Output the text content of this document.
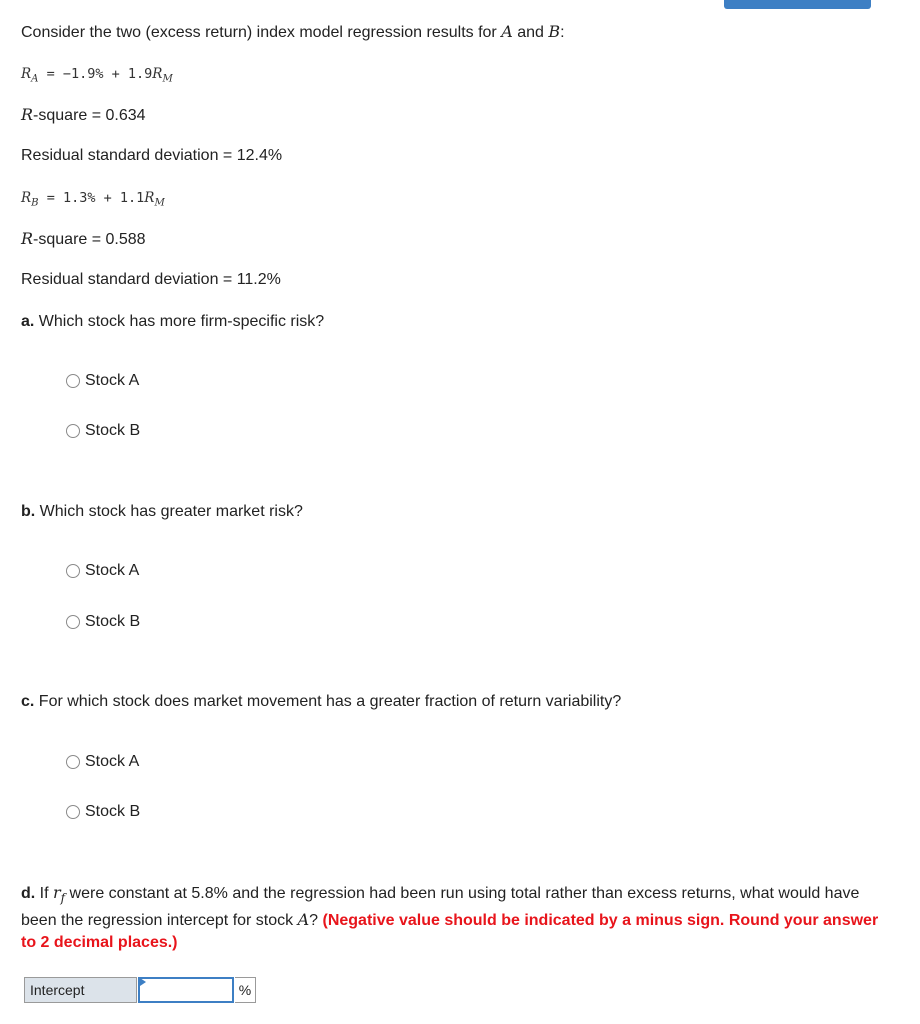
Consider the two (excess return) index model regression results for A and B:
$R_A = -1.9\% + 1.9R_M$
R-square = 0.634
Residual standard deviation = 12.4%
$R_B = 1.3\% + 1.1R_M$
R-square = 0.588
Residual standard deviation = 11.2%
a. Which stock has more firm-specific risk?
Stock A
Stock B
b. Which stock has greater market risk?
Stock A
Stock B
c. For which stock does market movement has a greater fraction of return variability?
Stock A
Stock B
d. If $r_f$ were constant at 5.8% and the regression had been run using total rather than excess returns, what would have been the regression intercept for stock A? (Negative value should be indicated by a minus sign. Round your answer to 2 decimal places.)
Intercept	%
